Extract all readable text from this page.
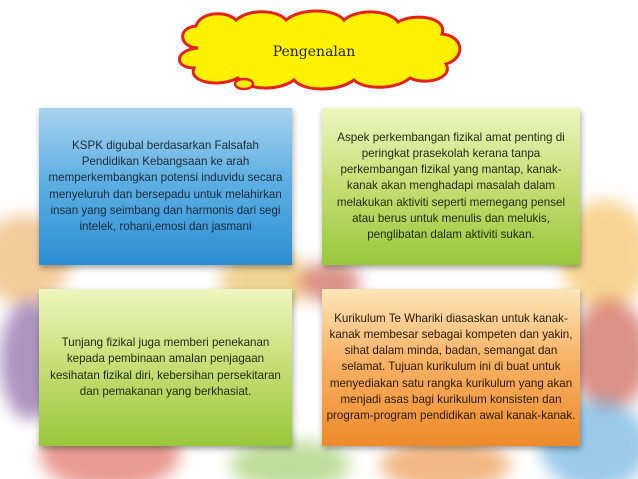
Pengenalan
KSPK digubal berdasarkan Falsafah Pendidikan Kebangsaan ke arah memperkembangkan potensi induvidu secara menyeluruh dan bersepadu untuk melahirkan insan yang seimbang dan harmonis dari segi intelek, rohani,emosi dan jasmani
Aspek perkembangan fizikal amat penting di peringkat prasekolah kerana tanpa perkembangan fizikal yang mantap, kanak-kanak akan menghadapi masalah dalam melakukan aktiviti seperti memegang pensel atau berus untuk menulis dan melukis, penglibatan dalam aktiviti sukan.
Tunjang fizikal juga memberi penekanan kepada pembinaan amalan penjagaan kesihatan fizikal diri, kebersihan persekitaran dan pemakanan yang berkhasiat.
Kurikulum Te Whariki diasaskan untuk kanak-kanak membesar sebagai kompeten dan yakin, sihat dalam minda, badan, semangat dan selamat. Tujuan kurikulum ini di buat untuk menyediakan satu rangka kurikulum yang akan menjadi asas bagi kurikulum konsisten dan program-program pendidikan awal kanak-kanak.
